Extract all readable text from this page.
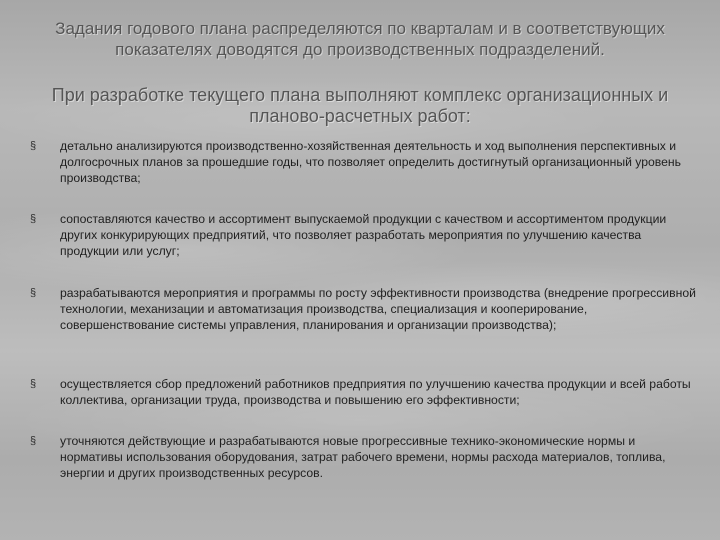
Задания годового плана распределяются по кварталам и в соответствующих показателях доводятся до производственных подразделений.
При разработке текущего плана выполняют комплекс организационных и планово-расчетных работ:
§ детально анализируются производственно-хозяйственная деятельность и ход выполнения перспективных и долгосрочных планов за прошедшие годы, что позволяет определить достигнутый организационный уровень производства;
§ сопоставляются качество и ассортимент выпускаемой продукции с качеством и ассортиментом продукции других конкурирующих предприятий, что позволяет разработать мероприятия по улучшению качества продукции или услуг;
§ разрабатываются мероприятия и программы по росту эффективности производства (внедрение прогрессивной технологии, механизации и автоматизация производства, специализация и кооперирование, совершенствование системы управления, планирования и организации производства);
§ осуществляется сбор предложений работников предприятия по улучшению качества продукции и всей работы коллектива, организации труда, производства и повышению его эффективности;
§ уточняются действующие и разрабатываются новые прогрессивные технико-экономические нормы и нормативы использования оборудования, затрат рабочего времени, нормы расхода материалов, топлива, энергии и других производственных ресурсов.
